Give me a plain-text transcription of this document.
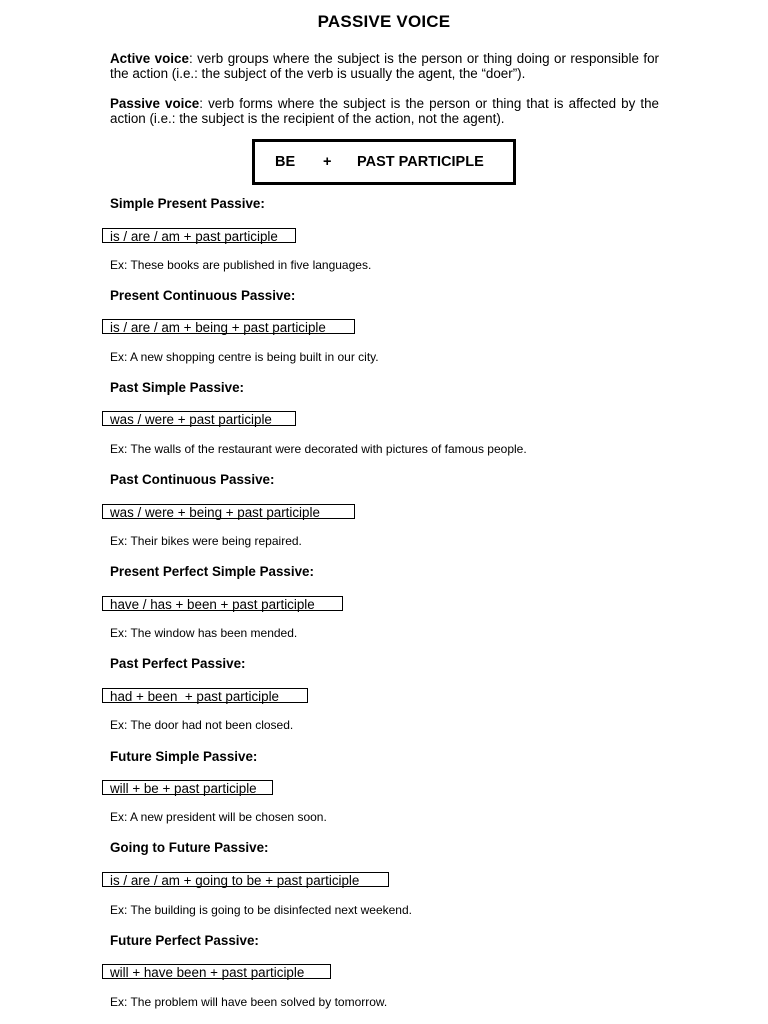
PASSIVE VOICE
Active voice: verb groups where the subject is the person or thing doing or responsible for the action (i.e.: the subject of the verb is usually the agent, the “doer”).
Passive voice: verb forms where the subject is the person or thing that is affected by the action (i.e.: the subject is the recipient of the action, not the agent).
BE + PAST PARTICIPLE
Simple Present Passive:
is / are / am + past participle
Ex: These books are published in five languages.
Present Continuous Passive:
is / are / am + being + past participle
Ex: A new shopping centre is being built in our city.
Past Simple Passive:
was / were + past participle
Ex: The walls of the restaurant were decorated with pictures of famous people.
Past Continuous Passive:
was / were + being + past participle
Ex: Their bikes were being repaired.
Present Perfect Simple Passive:
have / has + been + past participle
Ex: The window has been mended.
Past Perfect Passive:
had + been  + past participle
Ex: The door had not been closed.
Future Simple Passive:
will + be + past participle
Ex: A new president will be chosen soon.
Going to Future Passive:
is / are / am + going to be + past participle
Ex: The building is going to be disinfected next weekend.
Future Perfect Passive:
will + have been + past participle
Ex: The problem will have been solved by tomorrow.
